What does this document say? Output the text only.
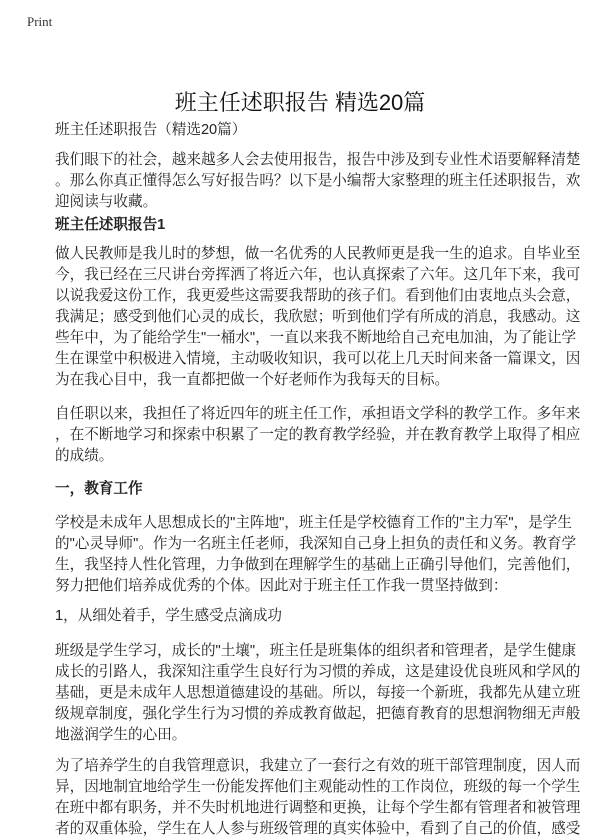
Print
班主任述职报告 精选20篇
班主任述职报告（精选20篇）
我们眼下的社会，越来越多人会去使用报告，报告中涉及到专业性术语要解释清楚
。那么你真正懂得怎么写好报告吗？以下是小编帮大家整理的班主任述职报告，欢
迎阅读与收藏。
班主任述职报告1
做人民教师是我儿时的梦想，做一名优秀的人民教师更是我一生的追求。自毕业至
今，我已经在三尺讲台旁挥洒了将近六年，也认真探索了六年。这几年下来，我可
以说我爱这份工作，我更爱些这需要我帮助的孩子们。看到他们由衷地点头会意，
我满足；感受到他们心灵的成长，我欣慰；听到他们学有所成的消息，我感动。这
些年中，为了能给学生"一桶水"，一直以来我不断地给自己充电加油，为了能让学
生在课堂中积极进入情境，主动吸收知识，我可以花上几天时间来备一篇课文，因
为在我心目中，我一直都把做一个好老师作为我每天的目标。
自任职以来，我担任了将近四年的班主任工作，承担语文学科的教学工作。多年来
，在不断地学习和探索中积累了一定的教育教学经验，并在教育教学上取得了相应
的成绩。
一，教育工作
学校是未成年人思想成长的"主阵地"，班主任是学校德育工作的"主力军"，是学生
的"心灵导师"。作为一名班主任老师，我深知自己身上担负的责任和义务。教育学
生，我坚持人性化管理，力争做到在理解学生的基础上正确引导他们，完善他们，
努力把他们培养成优秀的个体。因此对于班主任工作我一贯坚持做到：
1，从细处着手，学生感受点滴成功
班级是学生学习，成长的"土壤"，班主任是班集体的组织者和管理者，是学生健康
成长的引路人，我深知注重学生良好行为习惯的养成，这是建设优良班风和学风的
基础，更是未成年人思想道德建设的基础。所以，每接一个新班，我都先从建立班
级规章制度，强化学生行为习惯的养成教育做起，把德育教育的思想润物细无声般
地滋润学生的心田。
为了培养学生的自我管理意识，我建立了一套行之有效的班干部管理制度，因人而
异，因地制宜地给学生一份能发挥他们主观能动性的工作岗位，班级的每一个学生
在班中都有职务，并不失时机地进行调整和更换，让每个学生都有管理者和被管理
者的双重体验，学生在人人参与班级管理的真实体验中，看到了自己的价值，感受
